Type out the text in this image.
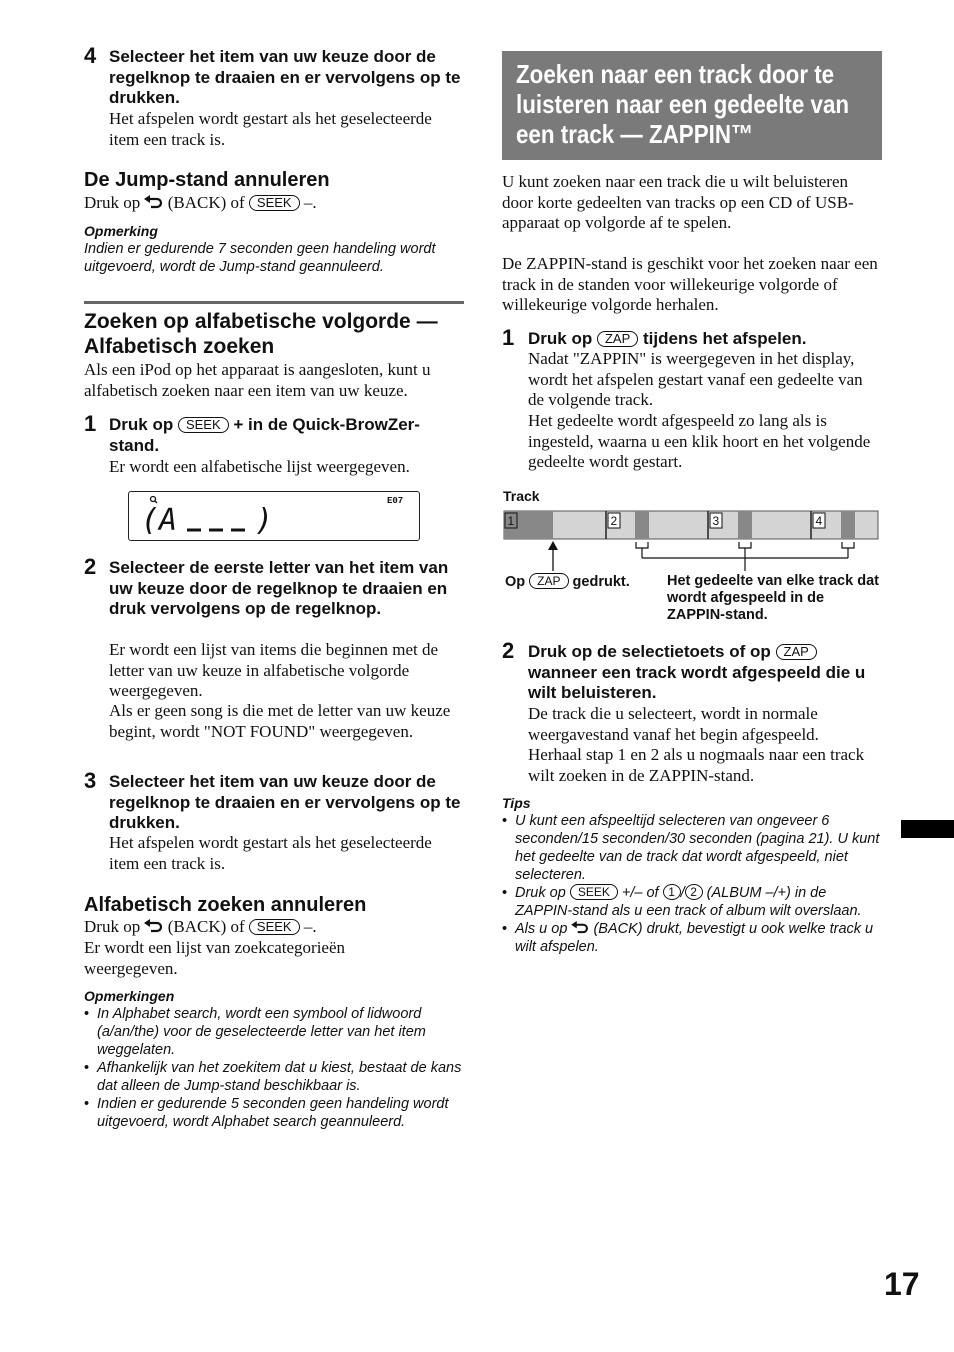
4 Selecteer het item van uw keuze door de regelknop te draaien en er vervolgens op te drukken.
Het afspelen wordt gestart als het geselecteerde item een track is.
De Jump-stand annuleren
Druk op (BACK) of SEEK –.
Opmerking
Indien er gedurende 7 seconden geen handeling wordt uitgevoerd, wordt de Jump-stand geannuleerd.
Zoeken op alfabetische volgorde — Alfabetisch zoeken
Als een iPod op het apparaat is aangesloten, kunt u alfabetisch zoeken naar een item van uw keuze.
1 Druk op SEEK + in de Quick-BrowZer-stand.
Er wordt een alfabetische lijst weergegeven.
E07
( A	)
2 Selecteer de eerste letter van het item van uw keuze door de regelknop te draaien en druk vervolgens op de regelknop.
Er wordt een lijst van items die beginnen met de letter van uw keuze in alfabetische volgorde weergegeven.
Als er geen song is die met de letter van uw keuze begint, wordt "NOT FOUND" weergegeven.
3 Selecteer het item van uw keuze door de regelknop te draaien en er vervolgens op te drukken.
Het afspelen wordt gestart als het geselecteerde item een track is.
Alfabetisch zoeken annuleren
Druk op (BACK) of SEEK –.
Er wordt een lijst van zoekcategorieën weergegeven.
Opmerkingen
• In Alphabet search, wordt een symbool of lidwoord (a/an/the) voor de geselecteerde letter van het item weggelaten.
• Afhankelijk van het zoekitem dat u kiest, bestaat de kans dat alleen de Jump-stand beschikbaar is.
• Indien er gedurende 5 seconden geen handeling wordt uitgevoerd, wordt Alphabet search geannuleerd.
Zoeken naar een track door te luisteren naar een gedeelte van een track — ZAPPIN™
U kunt zoeken naar een track die u wilt beluisteren door korte gedeelten van tracks op een CD of USB-apparaat op volgorde af te spelen.
De ZAPPIN-stand is geschikt voor het zoeken naar een track in de standen voor willekeurige volgorde of willekeurige volgorde herhalen.
1 Druk op ZAP tijdens het afspelen.
Nadat "ZAPPIN" is weergegeven in het display, wordt het afspelen gestart vanaf een gedeelte van de volgende track.
Het gedeelte wordt afgespeeld zo lang als is ingesteld, waarna u een klik hoort en het volgende gedeelte wordt gestart.
Track
1	2	3	4
Op ZAP gedrukt.	Het gedeelte van elke track dat wordt afgespeeld in de ZAPPIN-stand.
2 Druk op de selectietoets of op ZAP wanneer een track wordt afgespeeld die u wilt beluisteren.
De track die u selecteert, wordt in normale weergavestand vanaf het begin afgespeeld.
Herhaal stap 1 en 2 als u nogmaals naar een track wilt zoeken in de ZAPPIN-stand.
Tips
• U kunt een afspeeltijd selecteren van ongeveer 6 seconden/15 seconden/30 seconden (pagina 21). U kunt het gedeelte van de track dat wordt afgespeeld, niet selecteren.
• Druk op SEEK +/– of 1 / 2 (ALBUM –/+) in de ZAPPIN-stand als u een track of album wilt overslaan.
• Als u op (BACK) drukt, bevestigt u ook welke track u wilt afspelen.
17
